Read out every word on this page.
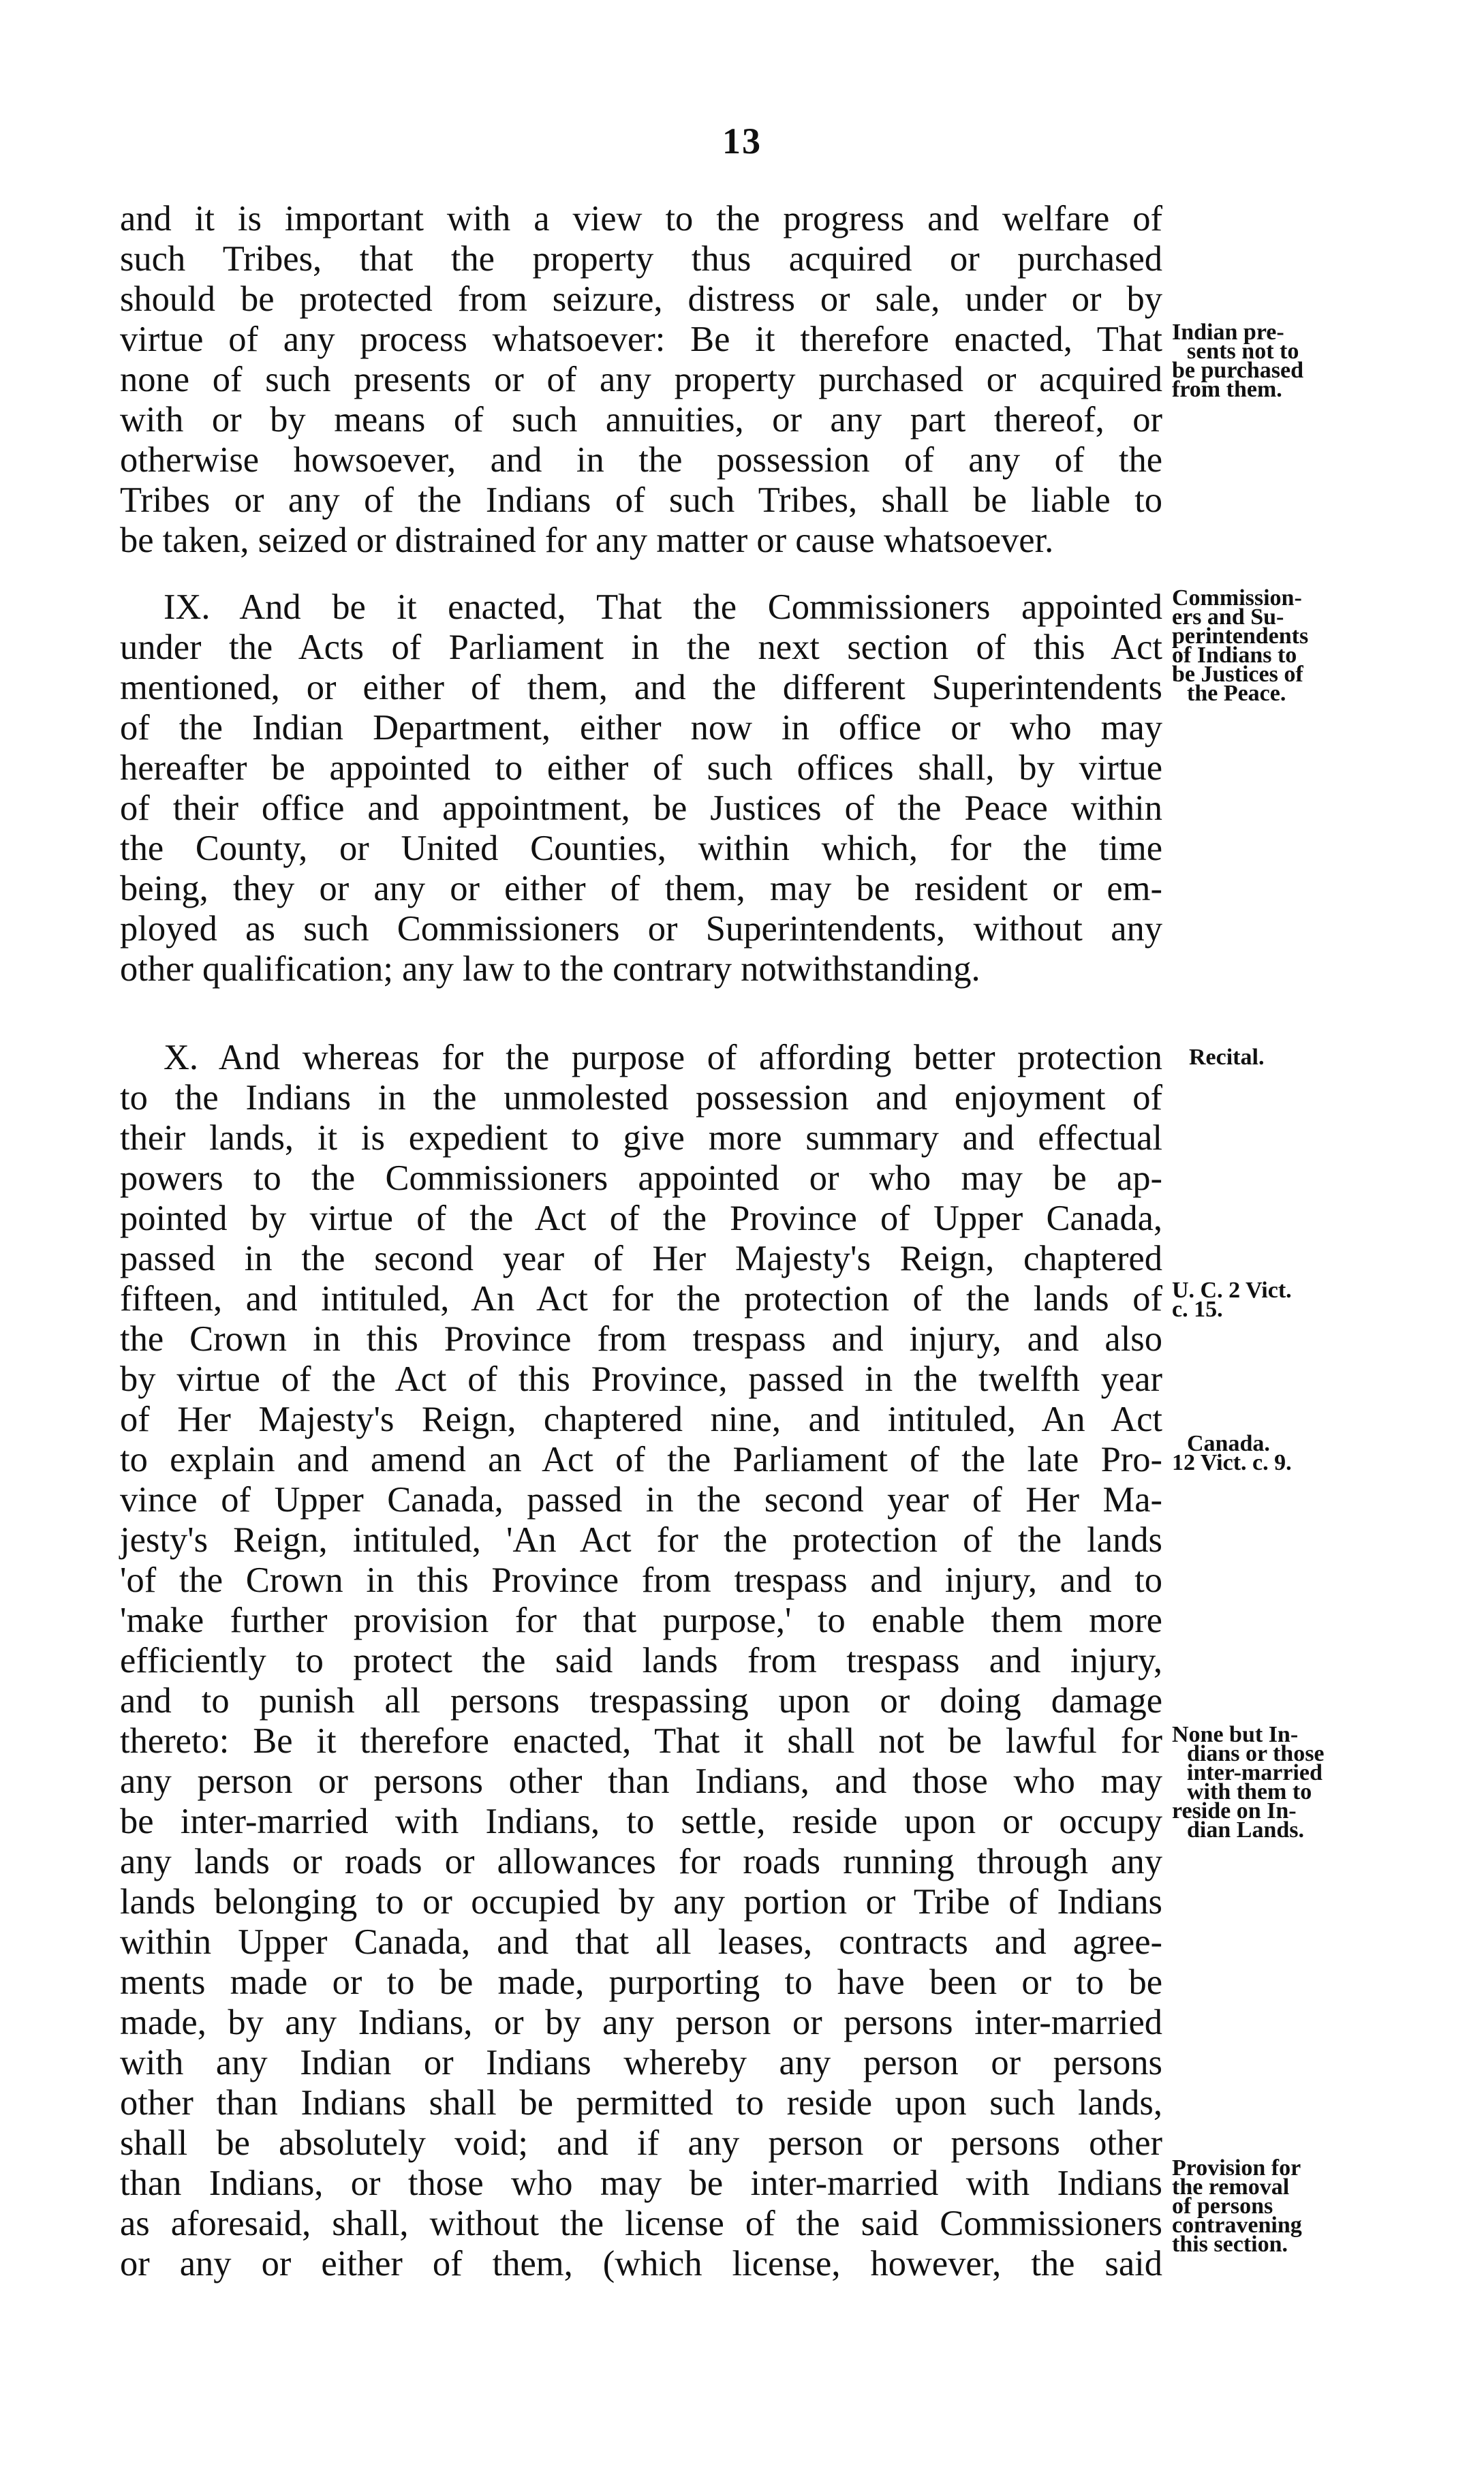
13
and it is important with a view to the progress and welfare of
such Tribes, that the property thus acquired or purchased
should be protected from seizure, distress or sale, under or by
virtue of any process whatsoever: Be it therefore enacted, That
none of such presents or of any property purchased or acquired
with or by means of such annuities, or any part thereof, or
otherwise howsoever, and in the possession of any of the
Tribes or any of the Indians of such Tribes, shall be liable to
be taken, seized or distrained for any matter or cause whatsoever.
IX. And be it enacted, That the Commissioners appointed
under the Acts of Parliament in the next section of this Act
mentioned, or either of them, and the different Superintendents
of the Indian Department, either now in office or who may
hereafter be appointed to either of such offices shall, by virtue
of their office and appointment, be Justices of the Peace within
the County, or United Counties, within which, for the time
being, they or any or either of them, may be resident or em-
ployed as such Commissioners or Superintendents, without any
other qualification; any law to the contrary notwithstanding.
X. And whereas for the purpose of affording better protection
to the Indians in the unmolested possession and enjoyment of
their lands, it is expedient to give more summary and effectual
powers to the Commissioners appointed or who may be ap-
pointed by virtue of the Act of the Province of Upper Canada,
passed in the second year of Her Majesty's Reign, chaptered
fifteen, and intituled, An Act for the protection of the lands of
the Crown in this Province from trespass and injury, and also
by virtue of the Act of this Province, passed in the twelfth year
of Her Majesty's Reign, chaptered nine, and intituled, An Act
to explain and amend an Act of the Parliament of the late Pro-
vince of Upper Canada, passed in the second year of Her Ma-
jesty's Reign, intituled, 'An Act for the protection of the lands
'of the Crown in this Province from trespass and injury, and to
'make further provision for that purpose,' to enable them more
efficiently to protect the said lands from trespass and injury,
and to punish all persons trespassing upon or doing damage
thereto: Be it therefore enacted, That it shall not be lawful for
any person or persons other than Indians, and those who may
be inter-married with Indians, to settle, reside upon or occupy
any lands or roads or allowances for roads running through any
lands belonging to or occupied by any portion or Tribe of Indians
within Upper Canada, and that all leases, contracts and agree-
ments made or to be made, purporting to have been or to be
made, by any Indians, or by any person or persons inter-married
with any Indian or Indians whereby any person or persons
other than Indians shall be permitted to reside upon such lands,
shall be absolutely void; and if any person or persons other
than Indians, or those who may be inter-married with Indians
as aforesaid, shall, without the license of the said Commissioners
or any or either of them, (which license, however, the said
Indian pre-
sents not to
be purchased
from them.
Commission-
ers and Su-
perintendents
of Indians to
be Justices of
the Peace.
Recital.
U. C. 2 Vict.
c. 15.
Canada.
12 Vict. c. 9.
None but In-
dians or those
inter-married
with them to
reside on In-
dian Lands.
Provision for
the removal
of persons
contravening
this section.
